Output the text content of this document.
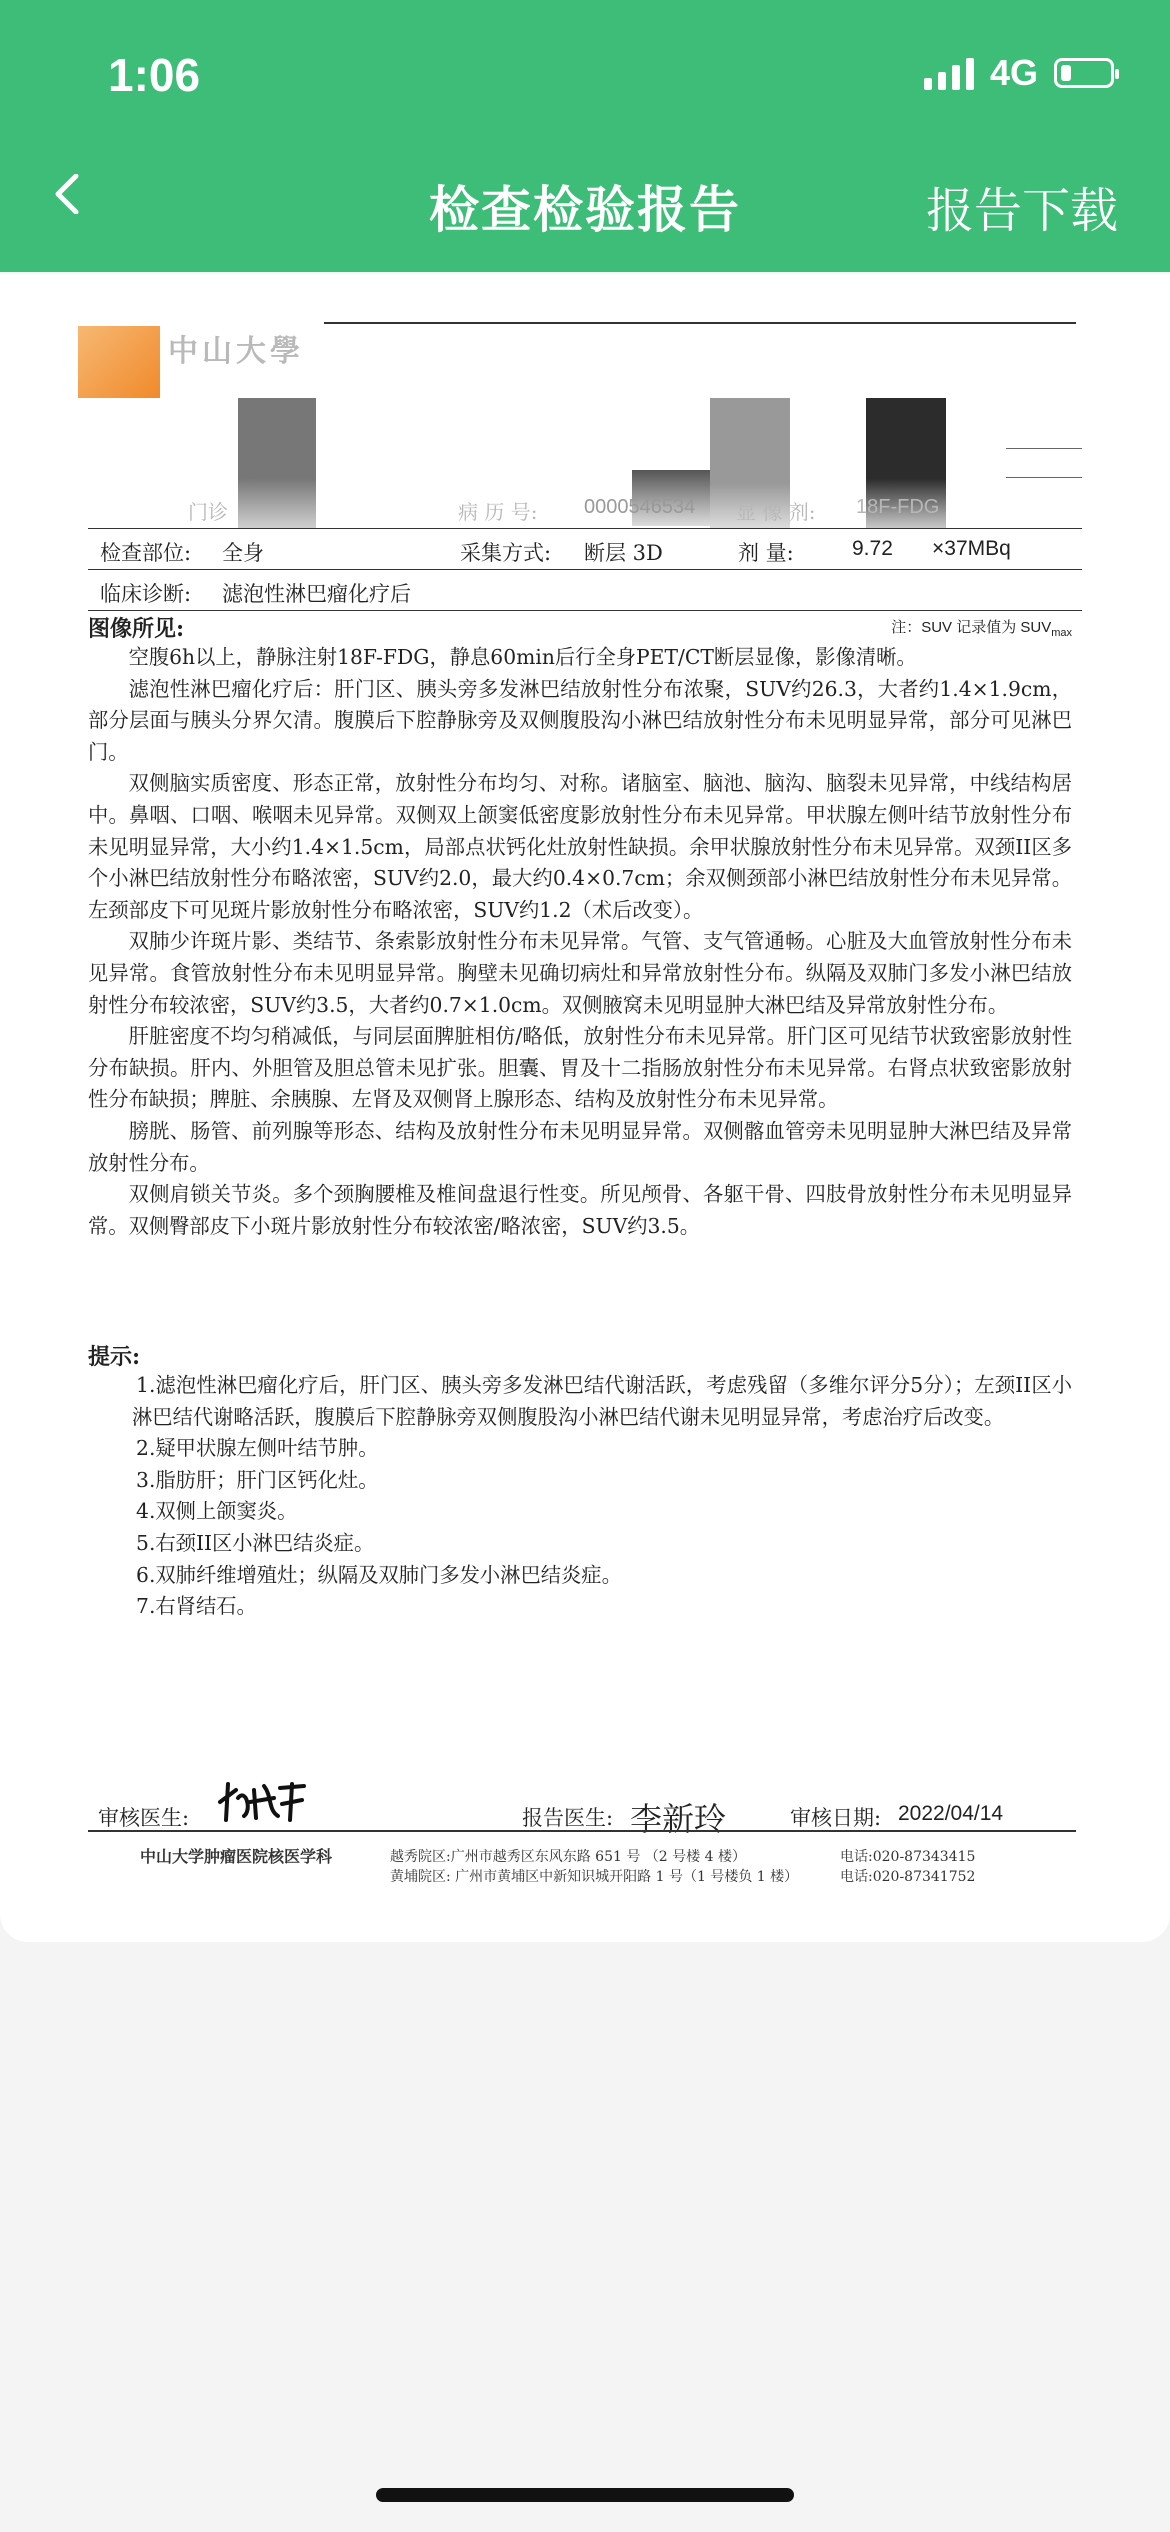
1:06	4G
检查检验报告	报告下载
中山大學
门诊	病 历 号: 0000546534 显 像 剂: 18F-FDG
检查部位: 全身	采集方式: 断层 3D	剂 量:	9.72 ×37MBq
临床诊断: 滤泡性淋巴瘤化疗后
图像所见:	注：SUV 记录值为 $SUV_{max}$

空腹6h以上，静脉注射18F-FDG，静息60min后行全身PET/CT断层显像，影像清晰。

滤泡性淋巴瘤化疗后：肝门区、胰头旁多发淋巴结放射性分布浓聚，SUV约26.3，大者约1.4×1.9cm，部分层面与胰头分界欠清。腹膜后下腔静脉旁及双侧腹股沟小淋巴结放射性分布未见明显异常，部分可见淋巴门。

双侧脑实质密度、形态正常，放射性分布均匀、对称。诸脑室、脑池、脑沟、脑裂未见异常，中线结构居中。鼻咽、口咽、喉咽未见异常。双侧双上颌窦低密度影放射性分布未见异常。甲状腺左侧叶结节放射性分布未见明显异常，大小约1.4×1.5cm，局部点状钙化灶放射性缺损。余甲状腺放射性分布未见异常。双颈II区多个小淋巴结放射性分布略浓密，SUV约2.0，最大约0.4×0.7cm；余双侧颈部小淋巴结放射性分布未见异常。左颈部皮下可见斑片影放射性分布略浓密，SUV约1.2（术后改变）。

双肺少许斑片影、类结节、条索影放射性分布未见异常。气管、支气管通畅。心脏及大血管放射性分布未见异常。食管放射性分布未见明显异常。胸壁未见确切病灶和异常放射性分布。纵隔及双肺门多发小淋巴结放射性分布较浓密，SUV约3.5，大者约0.7×1.0cm。双侧腋窝未见明显肿大淋巴结及异常放射性分布。

肝脏密度不均匀稍减低，与同层面脾脏相仿/略低，放射性分布未见异常。肝门区可见结节状致密影放射性分布缺损。肝内、外胆管及胆总管未见扩张。胆囊、胃及十二指肠放射性分布未见异常。右肾点状致密影放射性分布缺损；脾脏、余胰腺、左肾及双侧肾上腺形态、结构及放射性分布未见异常。

膀胱、肠管、前列腺等形态、结构及放射性分布未见明显异常。双侧髂血管旁未见明显肿大淋巴结及异常放射性分布。

双侧肩锁关节炎。多个颈胸腰椎及椎间盘退行性变。所见颅骨、各躯干骨、四肢骨放射性分布未见明显异常。双侧臀部皮下小斑片影放射性分布较浓密/略浓密，SUV约3.5。

提示:

1.滤泡性淋巴瘤化疗后，肝门区、胰头旁多发淋巴结代谢活跃，考虑残留（多维尔评分5分）；左颈II区小淋巴结代谢略活跃，腹膜后下腔静脉旁双侧腹股沟小淋巴结代谢未见明显异常，考虑治疗后改变。

2.疑甲状腺左侧叶结节肿。

3.脂肪肝；肝门区钙化灶。

4.双侧上颌窦炎。

5.右颈II区小淋巴结炎症。

6.双肺纤维增殖灶；纵隔及双肺门多发小淋巴结炎症。

7.右肾结石。

审核医生:	报告医生: 李新玲	审核日期: 2022/04/14
中山大学肿瘤医院核医学科	越秀院区:广州市越秀区东风东路 651 号 （2 号楼 4 楼）
黄埔院区: 广州市黄埔区中新知识城开阳路 1 号（1 号楼负 1 楼）
电话:020-87343415
电话:020-87341752
